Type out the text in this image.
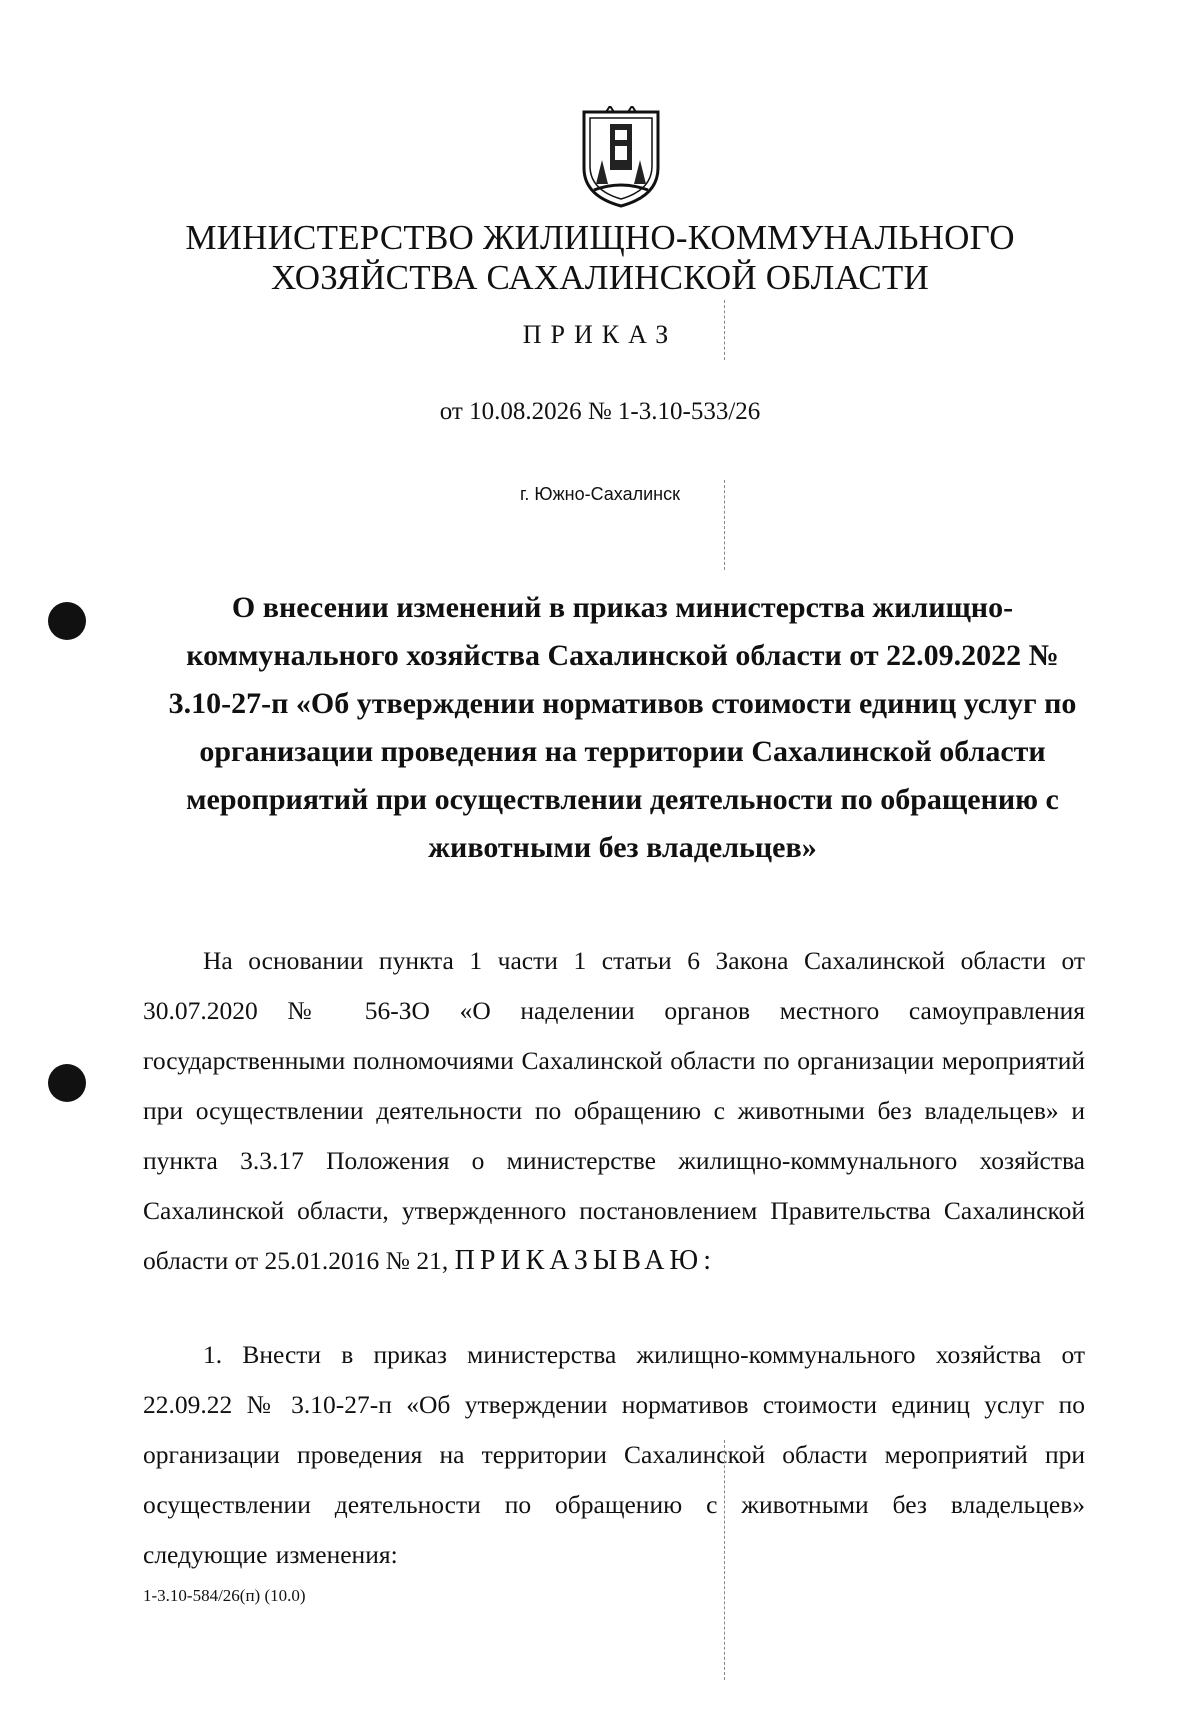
МИНИСТЕРСТВО ЖИЛИЩНО-КОММУНАЛЬНОГО
ХОЗЯЙСТВА САХАЛИНСКОЙ ОБЛАСТИ
ПРИКАЗ
от 10.08.2026 № 1-3.10-533/26
г. Южно-Сахалинск
О внесении изменений в приказ министерства жилищно-коммунального хозяйства Сахалинской области от 22.09.2022 № 3.10-27-п «Об утверждении нормативов стоимости единиц услуг по организации проведения на территории Сахалинской области мероприятий при осуществлении деятельности по обращению с животными без владельцев»
На основании пункта 1 части 1 статьи 6 Закона Сахалинской области от 30.07.2020 № 56-ЗО «О наделении органов местного самоуправления государственными полномочиями Сахалинской области по организации мероприятий при осуществлении деятельности по обращению с животными без владельцев» и пункта 3.3.17 Положения о министерстве жилищно-коммунального хозяйства Сахалинской области, утвержденного постановлением Правительства Сахалинской области от 25.01.2016 № 21, ПРИКАЗЫВАЮ:
1. Внести в приказ министерства жилищно-коммунального хозяйства от 22.09.22 № 3.10-27-п «Об утверждении нормативов стоимости единиц услуг по организации проведения на территории Сахалинской области мероприятий при осуществлении деятельности по обращению с животными без владельцев» следующие изменения:
1-3.10-584/26(п) (10.0)
